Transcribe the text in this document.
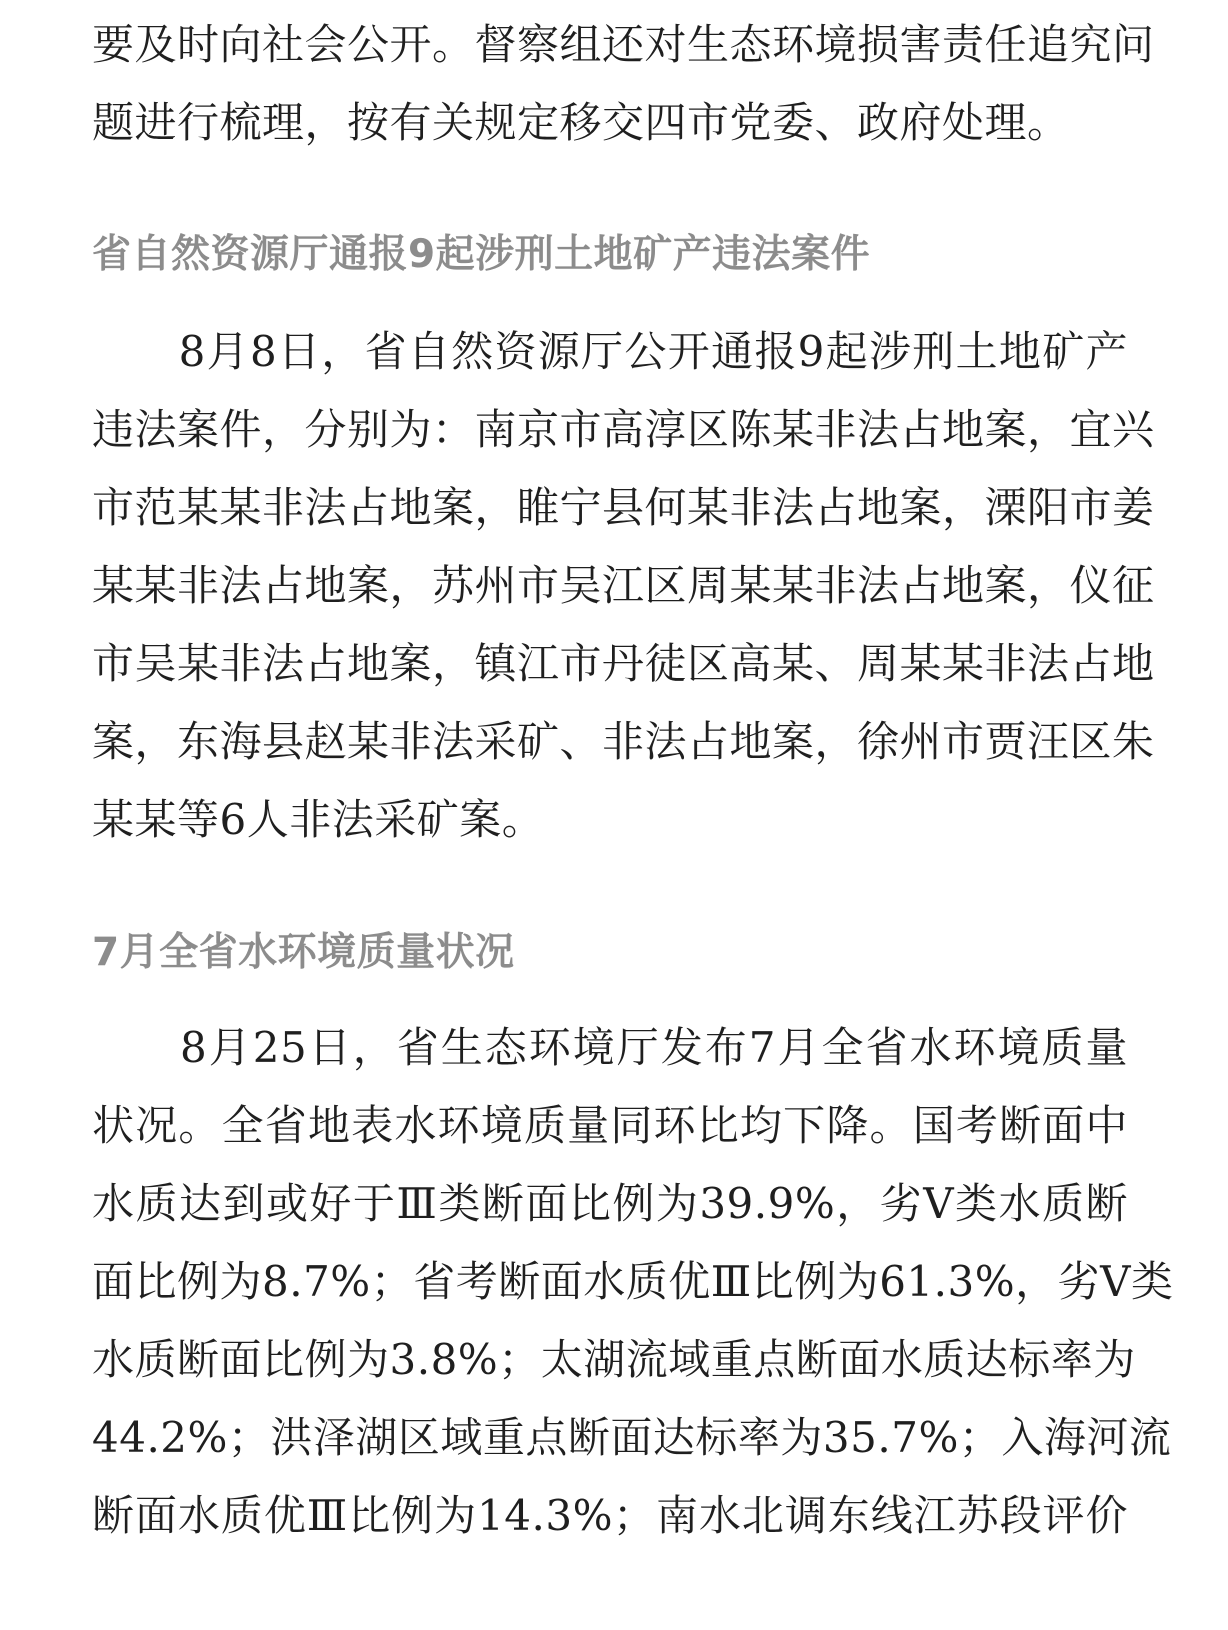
要及时向社会公开。督察组还对生态环境损害责任追究问
题进行梳理，按有关规定移交四市党委、政府处理。
省自然资源厅通报9起涉刑土地矿产违法案件
　　8月8日，省自然资源厅公开通报9起涉刑土地矿产
违法案件，分别为：南京市高淳区陈某非法占地案，宜兴
市范某某非法占地案，睢宁县何某非法占地案，溧阳市姜
某某非法占地案，苏州市吴江区周某某非法占地案，仪征
市吴某非法占地案，镇江市丹徒区高某、周某某非法占地
案，东海县赵某非法采矿、非法占地案，徐州市贾汪区朱
某某等6人非法采矿案。
7月全省水环境质量状况
　　8月25日，省生态环境厅发布7月全省水环境质量
状况。全省地表水环境质量同环比均下降。国考断面中
水质达到或好于Ⅲ类断面比例为39.9%，劣Ⅴ类水质断
面比例为8.7%；省考断面水质优Ⅲ比例为61.3%，劣Ⅴ类
水质断面比例为3.8%；太湖流域重点断面水质达标率为
44.2%；洪泽湖区域重点断面达标率为35.7%；入海河流
断面水质优Ⅲ比例为14.3%；南水北调东线江苏段评价
